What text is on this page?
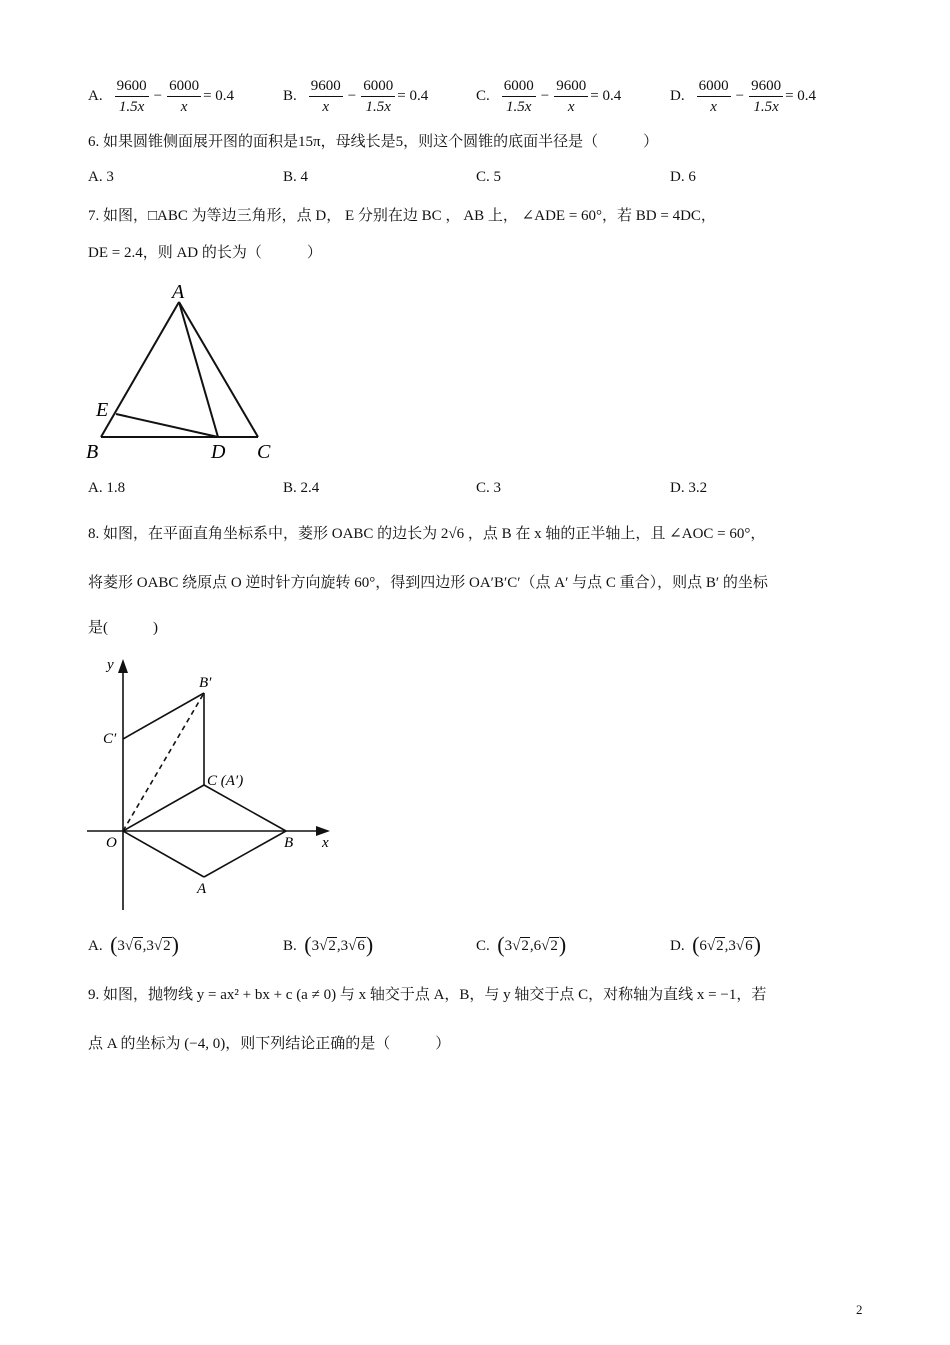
A. $\frac{9600}{1.5x} - \frac{6000}{x} = 0.4$	B. $\frac{9600}{x} - \frac{6000}{1.5x} = 0.4$	C. $\frac{6000}{1.5x} - \frac{9600}{x} = 0.4$	D. $\frac{6000}{x} - \frac{9600}{1.5x} = 0.4$
6. 如果圆锥侧面展开图的面积是15π，母线长是5，则这个圆锥的底面半径是（　　　）
A. 3	B. 4	C. 5	D. 6
7. 如图，□ABC 为等边三角形，点 D， E 分别在边 BC ， AB 上， ∠ADE = 60°，若 BD = 4DC，
DE = 2.4，则 AD 的长为（　　　）
A
E
B	D C
A. 1.8	B. 2.4	C. 3	D. 3.2
8. 如图，在平面直角坐标系中，菱形 OABC 的边长为 2√6 ，点 B 在 x 轴的正半轴上，且 ∠AOC = 60°，
将菱形 OABC 绕原点 O 逆时针方向旋转 60°，得到四边形 OA′B′C′（点 A′ 与点 C 重合），则点 B′ 的坐标
是(　　　)
y
x
O
A
B
C (A′)
B′
C′
A. (3√6,3√2)	B. (3√2,3√6)	C. (3√2,6√2)	D. (6√2,3√6)
9. 如图，抛物线 y = ax² + bx + c (a ≠ 0) 与 x 轴交于点 A，B，与 y 轴交于点 C，对称轴为直线 x = −1，若
点 A 的坐标为 (−4, 0)，则下列结论正确的是（　　　）
2
